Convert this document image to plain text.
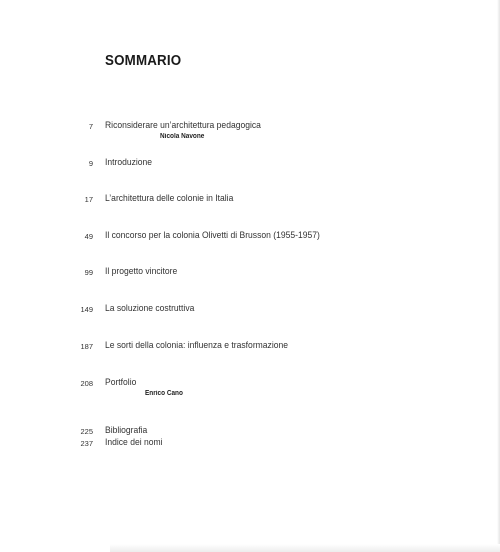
SOMMARIO
7 Riconsiderare un’architettura pedagogica
Nicola Navone
9 Introduzione
17 L’architettura delle colonie in Italia
49 Il concorso per la colonia Olivetti di Brusson (1955-1957)
99 Il progetto vincitore
149 La soluzione costruttiva
187 Le sorti della colonia: influenza e trasformazione
208 Portfolio
Enrico Cano
225 Bibliografia
237 Indice dei nomi
